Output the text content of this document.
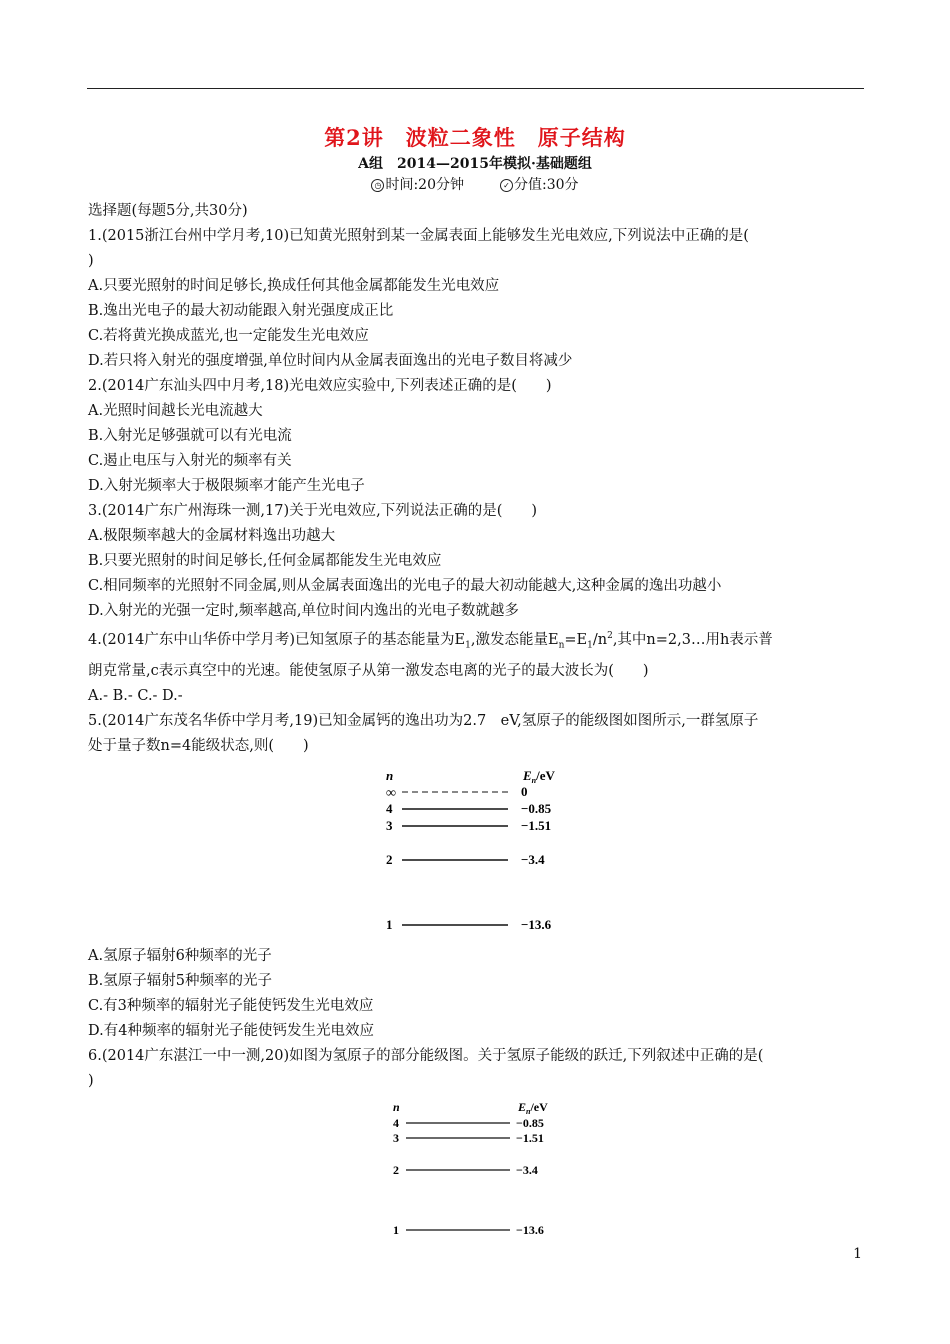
第2讲　波粒二象性　原子结构
A组　2014—2015年模拟·基础题组
◷ 时间:20分钟	✓ 分值:30分

选择题(每题5分,共30分)

1.(2015浙江台州中学月考,10)已知黄光照射到某一金属表面上能够发生光电效应,下列说法中正确的是(

)

A.只要光照射的时间足够长,换成任何其他金属都能发生光电效应

B.逸出光电子的最大初动能跟入射光强度成正比

C.若将黄光换成蓝光,也一定能发生光电效应

D.若只将入射光的强度增强,单位时间内从金属表面逸出的光电子数目将减少

2.(2014广东汕头四中月考,18)光电效应实验中,下列表述正确的是(　　)

A.光照时间越长光电流越大

B.入射光足够强就可以有光电流

C.遏止电压与入射光的频率有关

D.入射光频率大于极限频率才能产生光电子

3.(2014广东广州海珠一测,17)关于光电效应,下列说法正确的是(　　)

A.极限频率越大的金属材料逸出功越大

B.只要光照射的时间足够长,任何金属都能发生光电效应

C.相同频率的光照射不同金属,则从金属表面逸出的光电子的最大初动能越大,这种金属的逸出功越小

D.入射光的光强一定时,频率越高,单位时间内逸出的光电子数就越多

4.(2014广东中山华侨中学月考)已知氢原子的基态能量为$E_1$,激发态能量$E_n=E_1/n^2$,其中n=2,3…用h表示普

朗克常量,c表示真空中的光速。能使氢原子从第一激发态电离的光子的最大波长为(　　)

A.- B.- C.- D.-

5.(2014广东茂名华侨中学月考,19)已知金属钙的逸出功为2.7　eV,氢原子的能级图如图所示,一群氢原子

处于量子数n=4能级状态,则(　　)

n	$E_n/eV$
∞	0
4	−0.85
3	−1.51
2	−3.4
1	−13.6

A.氢原子辐射6种频率的光子

B.氢原子辐射5种频率的光子

C.有3种频率的辐射光子能使钙发生光电效应

D.有4种频率的辐射光子能使钙发生光电效应

6.(2014广东湛江一中一测,20)如图为氢原子的部分能级图。关于氢原子能级的跃迁,下列叙述中正确的是(

)

n	$E_n/eV$
4	−0.85
3	−1.51
2	−3.4
1	−13.6
1
